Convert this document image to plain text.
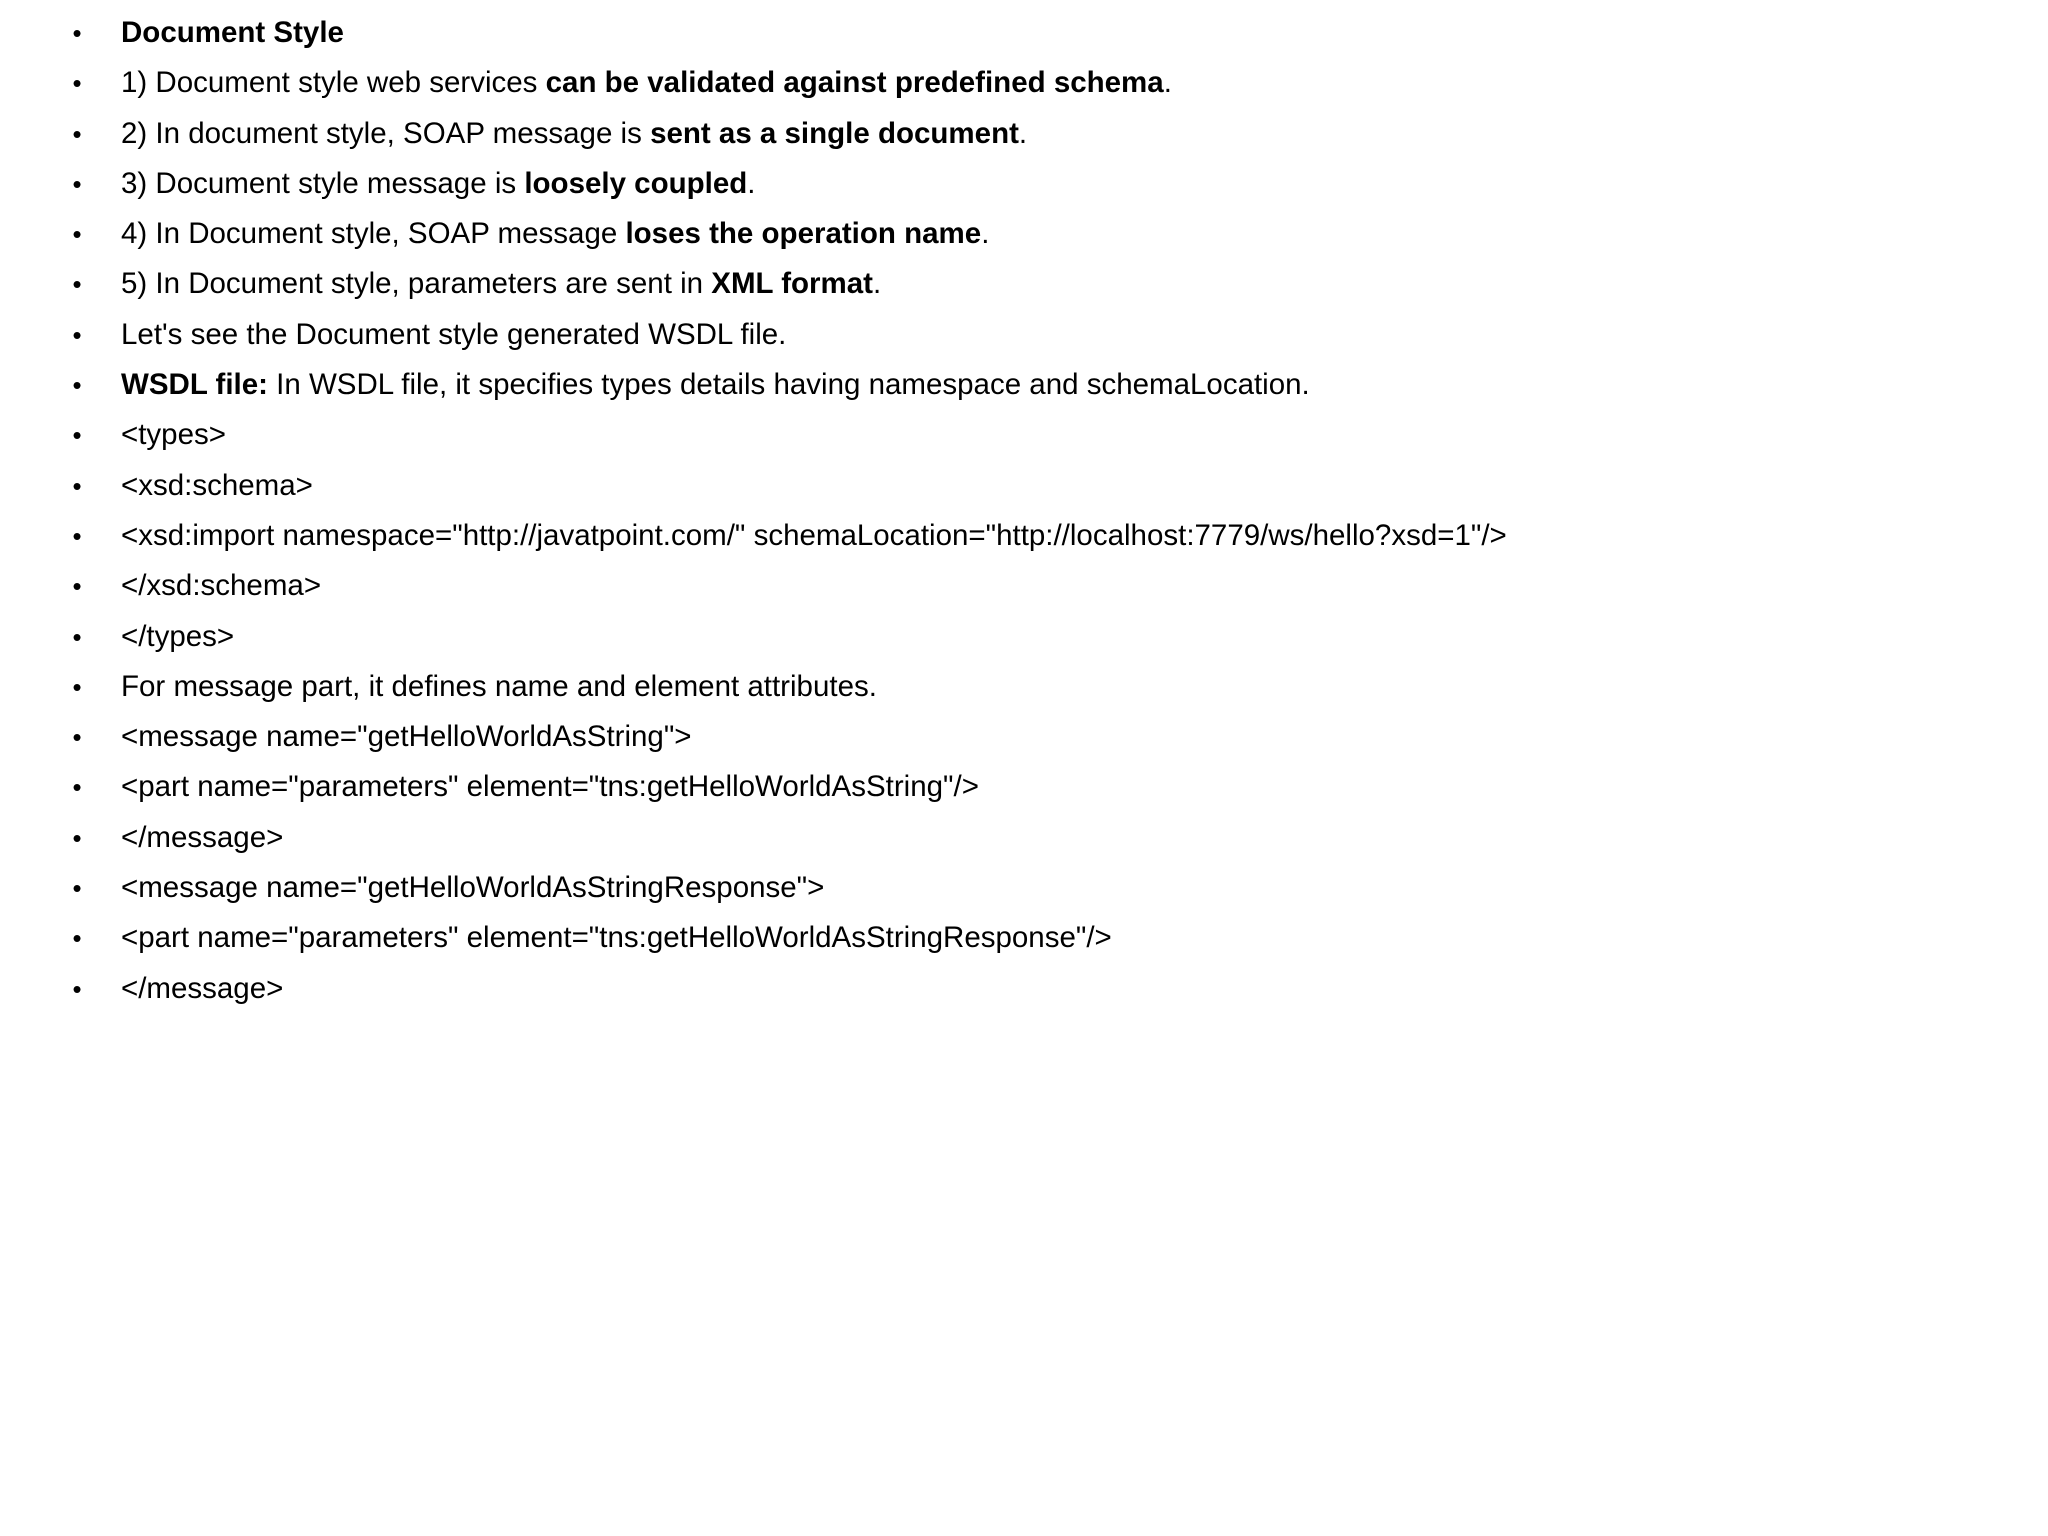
• Document Style
• 1) Document style web services can be validated against predefined schema.
• 2) In document style, SOAP message is sent as a single document.
• 3) Document style message is loosely coupled.
• 4) In Document style, SOAP message loses the operation name.
• 5) In Document style, parameters are sent in XML format.
• Let's see the Document style generated WSDL file.
• WSDL file: In WSDL file, it specifies types details having namespace and schemaLocation.
• <types>
• <xsd:schema>
• <xsd:import namespace="http://javatpoint.com/" schemaLocation="http://localhost:7779/ws/hello?xsd=1"/>
• </xsd:schema>
• </types>
• For message part, it defines name and element attributes.
• <message name="getHelloWorldAsString">
• <part name="parameters" element="tns:getHelloWorldAsString"/>
• </message>
• <message name="getHelloWorldAsStringResponse">
• <part name="parameters" element="tns:getHelloWorldAsStringResponse"/>
• </message>
